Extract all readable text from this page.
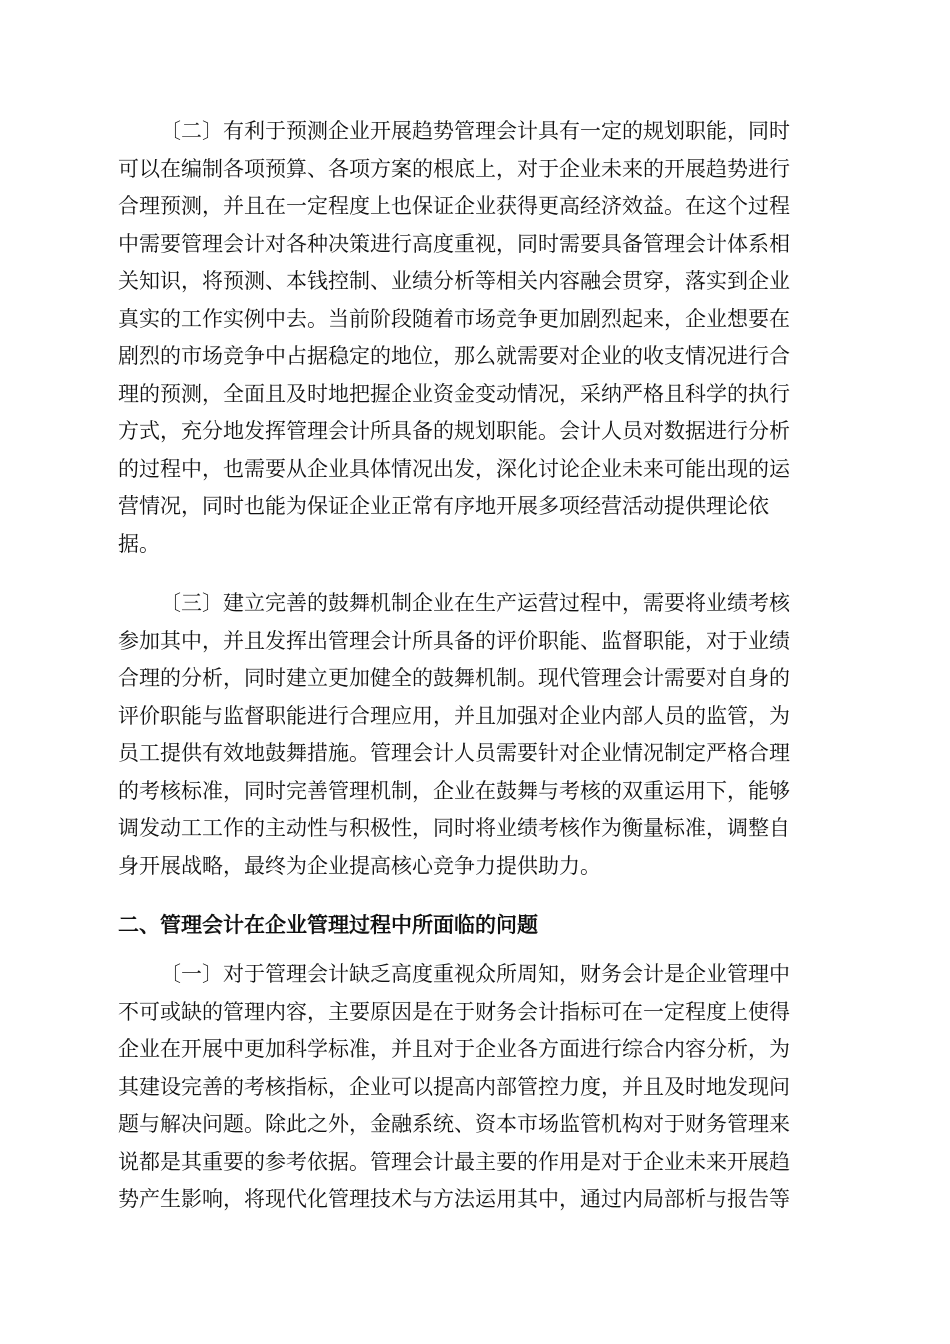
〔二〕有利于预测企业开展趋势管理会计具有一定的规划职能，同时
可以在编制各项预算、各项方案的根底上，对于企业未来的开展趋势进行
合理预测，并且在一定程度上也保证企业获得更高经济效益。在这个过程
中需要管理会计对各种决策进行高度重视，同时需要具备管理会计体系相
关知识，将预测、本钱控制、业绩分析等相关内容融会贯穿，落实到企业
真实的工作实例中去。当前阶段随着市场竞争更加剧烈起来，企业想要在
剧烈的市场竞争中占据稳定的地位，那么就需要对企业的收支情况进行合
理的预测，全面且及时地把握企业资金变动情况，采纳严格且科学的执行
方式，充分地发挥管理会计所具备的规划职能。会计人员对数据进行分析
的过程中，也需要从企业具体情况出发，深化讨论企业未来可能出现的运
营情况，同时也能为保证企业正常有序地开展多项经营活动提供理论依
据。
〔三〕建立完善的鼓舞机制企业在生产运营过程中，需要将业绩考核
参加其中，并且发挥出管理会计所具备的评价职能、监督职能，对于业绩
合理的分析，同时建立更加健全的鼓舞机制。现代管理会计需要对自身的
评价职能与监督职能进行合理应用，并且加强对企业内部人员的监管，为
员工提供有效地鼓舞措施。管理会计人员需要针对企业情况制定严格合理
的考核标准，同时完善管理机制，企业在鼓舞与考核的双重运用下，能够
调发动工工作的主动性与积极性，同时将业绩考核作为衡量标准，调整自
身开展战略，最终为企业提高核心竞争力提供助力。
二、管理会计在企业管理过程中所面临的问题
〔一〕对于管理会计缺乏高度重视众所周知，财务会计是企业管理中
不可或缺的管理内容，主要原因是在于财务会计指标可在一定程度上使得
企业在开展中更加科学标准，并且对于企业各方面进行综合内容分析，为
其建设完善的考核指标，企业可以提高内部管控力度，并且及时地发现问
题与解决问题。除此之外，金融系统、资本市场监管机构对于财务管理来
说都是其重要的参考依据。管理会计最主要的作用是对于企业未来开展趋
势产生影响，将现代化管理技术与方法运用其中，通过内局部析与报告等
